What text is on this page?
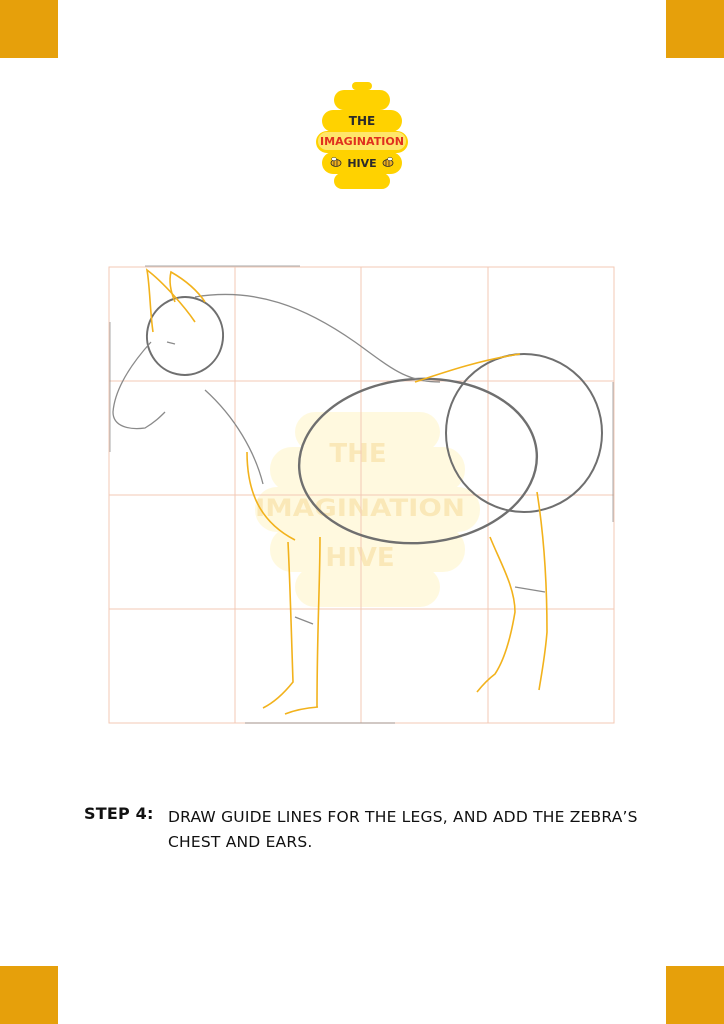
THE
IMAGINATION
HIVE
THE
IMAGINATION
HIVE
STEP 4: DRAW GUIDE LINES FOR THE LEGS, AND ADD THE ZEBRA’S CHEST AND EARS.
